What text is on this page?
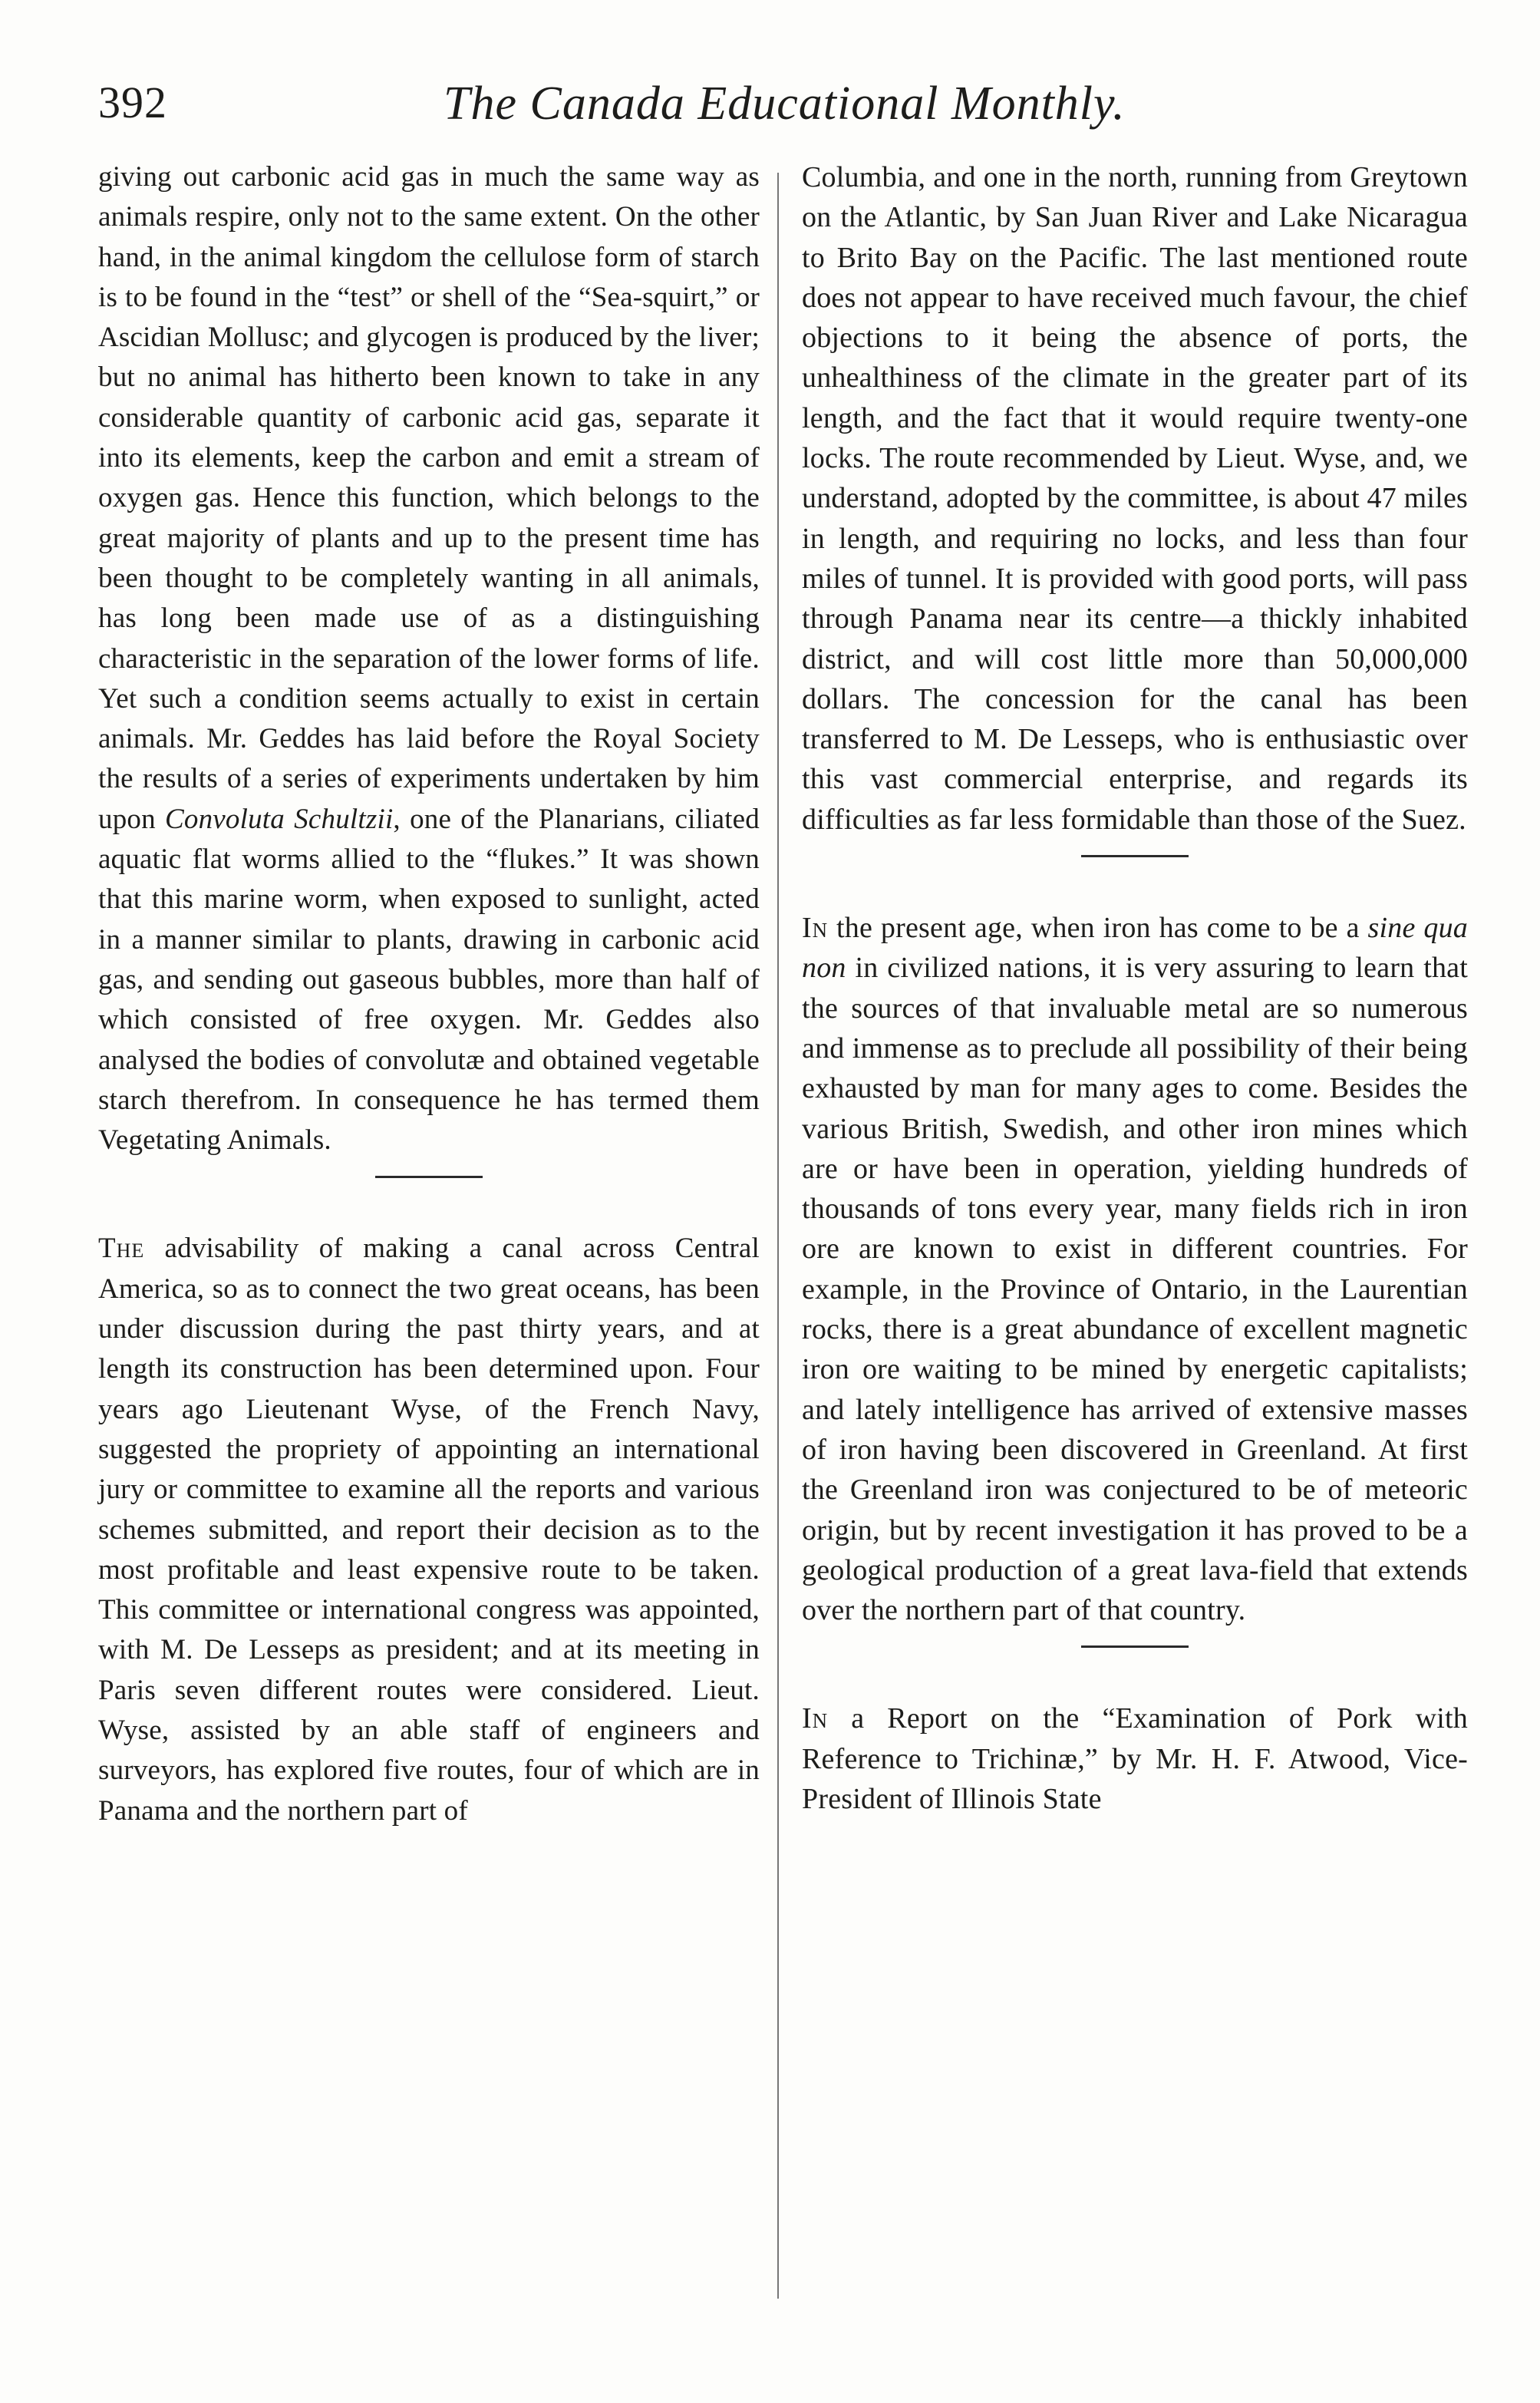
392	The Canada Educational Monthly.

giving out carbonic acid gas in much the same way as animals respire, only not to the same extent. On the other hand, in the animal kingdom the cellulose form of starch is to be found in the “test” or shell of the “Sea-squirt,” or Ascidian Mollusc; and glycogen is produced by the liver; but no animal has hitherto been known to take in any considerable quantity of carbonic acid gas, separate it into its elements, keep the carbon and emit a stream of oxygen gas. Hence this function, which belongs to the great majority of plants and up to the present time has been thought to be completely wanting in all animals, has long been made use of as a distinguishing characteristic in the separation of the lower forms of life. Yet such a condition seems actually to exist in certain animals. Mr. Geddes has laid before the Royal Society the results of a series of experiments undertaken by him upon Convoluta Schultzii, one of the Planarians, ciliated aquatic flat worms allied to the “flukes.” It was shown that this marine worm, when exposed to sunlight, acted in a manner similar to plants, drawing in carbonic acid gas, and sending out gaseous bubbles, more than half of which consisted of free oxygen. Mr. Geddes also analysed the bodies of convolutæ and obtained vegetable starch therefrom. In consequence he has termed them Vegetating Animals.

The advisability of making a canal across Central America, so as to connect the two great oceans, has been under discussion during the past thirty years, and at length its construction has been determined upon. Four years ago Lieutenant Wyse, of the French Navy, suggested the propriety of appointing an international jury or committee to examine all the reports and various schemes submitted, and report their decision as to the most profitable and least expensive route to be taken. This committee or international congress was appointed, with M. De Lesseps as president; and at its meeting in Paris seven different routes were considered. Lieut. Wyse, assisted by an able staff of engineers and surveyors, has explored five routes, four of which are in Panama and the northern part of

Columbia, and one in the north, running from Greytown on the Atlantic, by San Juan River and Lake Nicaragua to Brito Bay on the Pacific. The last mentioned route does not appear to have received much favour, the chief objections to it being the absence of ports, the unhealthiness of the climate in the greater part of its length, and the fact that it would require twenty-one locks. The route recommended by Lieut. Wyse, and, we understand, adopted by the committee, is about 47 miles in length, and requiring no locks, and less than four miles of tunnel. It is provided with good ports, will pass through Panama near its centre—a thickly inhabited district, and will cost little more than 50,000,000 dollars. The concession for the canal has been transferred to M. De Lesseps, who is enthusiastic over this vast commercial enterprise, and regards its difficulties as far less formidable than those of the Suez.

In the present age, when iron has come to be a sine qua non in civilized nations, it is very assuring to learn that the sources of that invaluable metal are so numerous and immense as to preclude all possibility of their being exhausted by man for many ages to come. Besides the various British, Swedish, and other iron mines which are or have been in operation, yielding hundreds of thousands of tons every year, many fields rich in iron ore are known to exist in different countries. For example, in the Province of Ontario, in the Laurentian rocks, there is a great abundance of excellent magnetic iron ore waiting to be mined by energetic capitalists; and lately intelligence has arrived of extensive masses of iron having been discovered in Greenland. At first the Greenland iron was conjectured to be of meteoric origin, but by recent investigation it has proved to be a geological production of a great lava-field that extends over the northern part of that country.

In a Report on the “Examination of Pork with Reference to Trichinæ,” by Mr. H. F. Atwood, Vice-President of Illinois State
